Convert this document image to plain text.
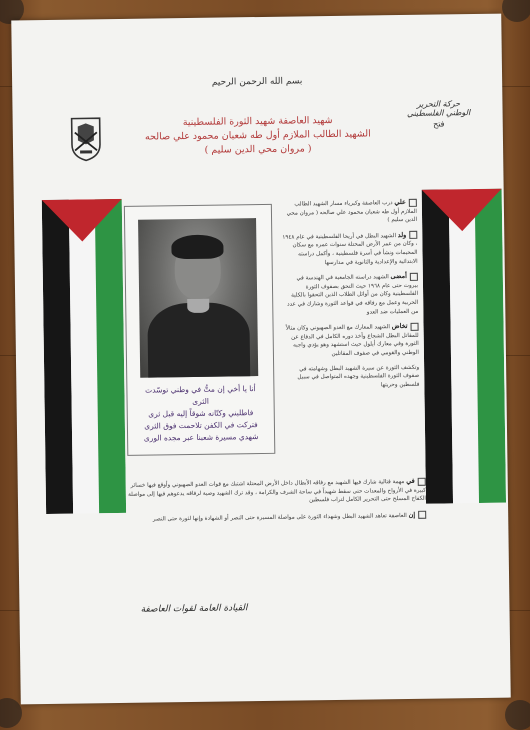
بسم الله الرحمن الرحيم
حركة التحرير الوطني الفلسطيني
فتح
شهيد العاصفة شهيد الثورة الفلسطينية
الشهيد الطالب الملازم أول طه شعبان محمود علي صالحه
( مروان محي الدين سليم )
أنا يا أخي إن متُّ في وطني توسّدت الثرى
فاطلبني وكتّانه شوقاً إليه قبل ثرى
فتركت في الكفن تلاحمت فوق الثرى
شهدي مسيرة شعبنا عبر مجده الورى
علي درب العاصفة وكبرياء مسار الشهيد الطالب الملازم أول طه شعبان محمود علي صالحه ( مروان محي الدين سليم )
ولد الشهيد البطل في أريحا الفلسطينية في عام ١٩٤٨ ، وكان من عمر الأرض المحتلة سنوات عمره مع سكان المخيمات ونشأ في أسرة فلسطينية ، وأكمل دراسته الابتدائية والإعدادية والثانوية في مدارسها
أمضى الشهيد دراسته الجامعية في الهندسة في بيروت حتى عام ١٩٦٨ حيث التحق بصفوف الثورة الفلسطينية وكان من أوائل الطلاب الذين التحقوا بالكلية الحربية وعمل مع رفاقه في قواعد الثورة وشارك في عدد من العمليات ضد العدو
تخاض الشهيد المعارك مع العدو الصهيوني وكان مثالاً للمقاتل البطل الشجاع وأخذ دوره الكامل في الدفاع عن الثورة وفي معارك أيلول حيث استشهد وهو يؤدي واجبه الوطني والقومي في صفوف المقاتلين
وتكشف الثورة عن سيرة الشهيد البطل وشهامته في صفوف الثورة الفلسطينية وجهده المتواصل في سبيل فلسطين وحريتها
في مهمة قتالية شارك فيها الشهيد مع رفاقه الأبطال داخل الأرض المحتلة اشتبك مع قوات العدو الصهيوني وأوقع فيها خسائر كبيرة في الأرواح والمعدات حتى سقط شهيداً في ساحة الشرف والكرامة ، وقد ترك الشهيد وصية لرفاقه يدعوهم فيها إلى مواصلة الكفاح المسلح حتى التحرير الكامل لتراب فلسطين
إن العاصفة تعاهد الشهيد البطل وشهداء الثورة على مواصلة المسيرة حتى النصر أو الشهادة وإنها لثورة حتى النصر
القيادة العامة لقوات العاصفة
